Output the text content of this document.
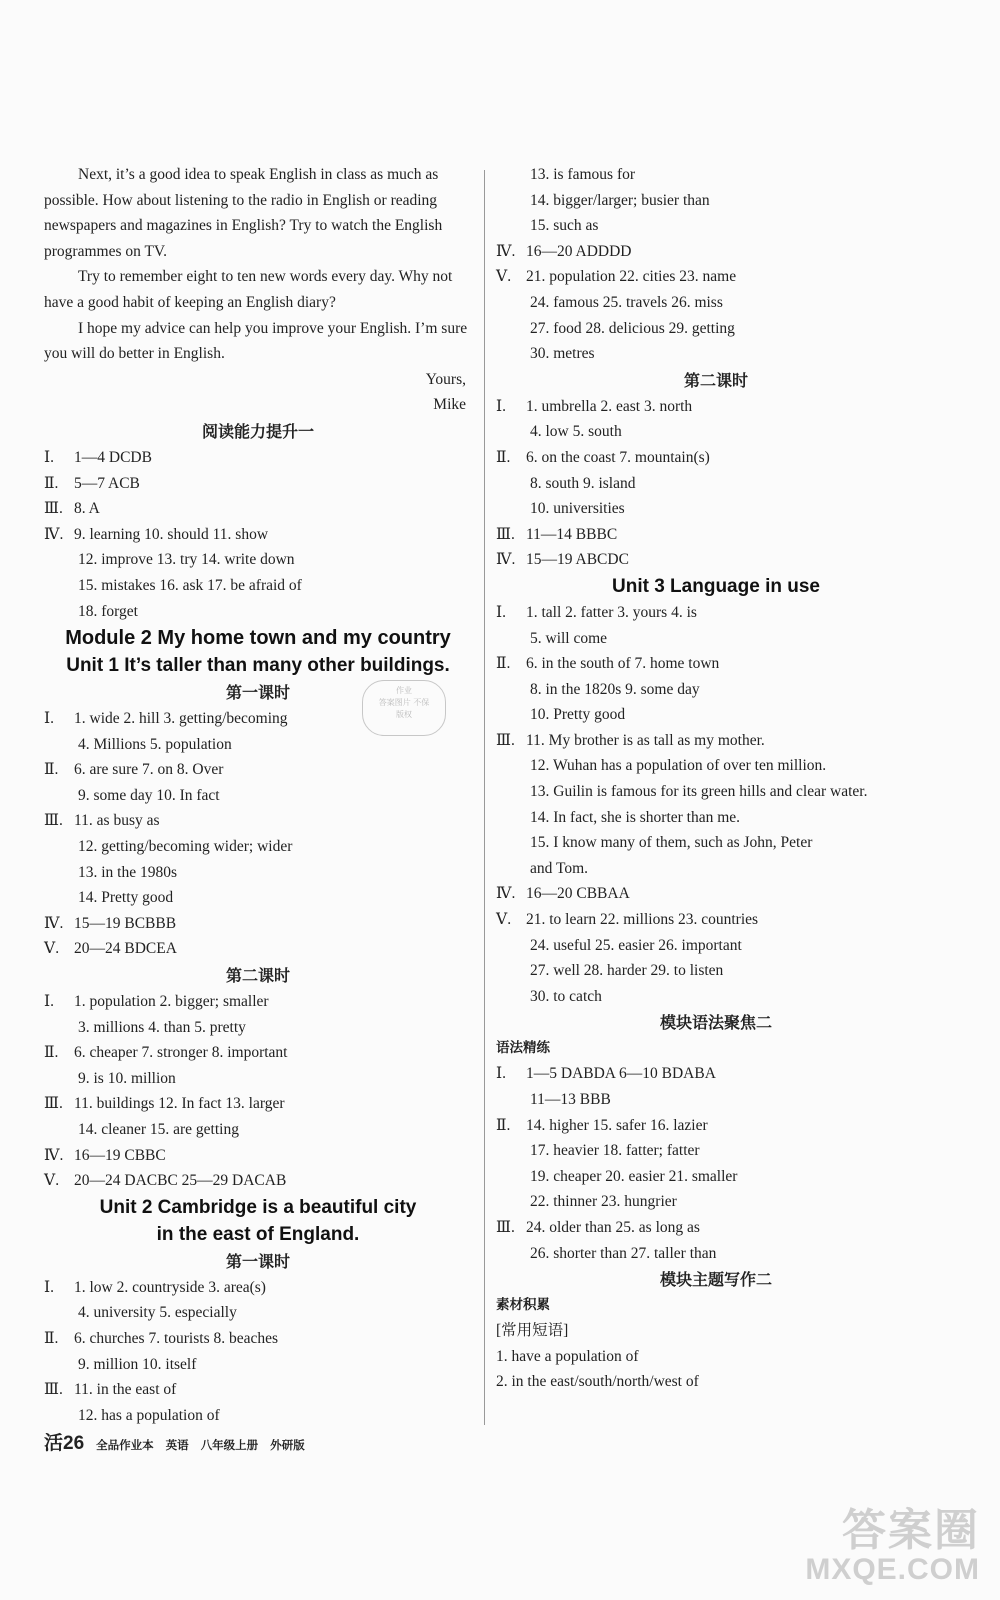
Next, it’s a good idea to speak English in class as much as possible. How about listening to the radio in English or reading newspapers and magazines in English? Try to watch the English programmes on TV.
Try to remember eight to ten new words every day. Why not have a good habit of keeping an English diary?
I hope my advice can help you improve your English. I’m sure you will do better in English.
Yours,
Mike
阅读能力提升一
Ⅰ. 1—4 DCDB
Ⅱ. 5—7 ACB
Ⅲ. 8. A
Ⅳ. 9. learning 10. should 11. show
12. improve 13. try 14. write down
15. mistakes 16. ask 17. be afraid of
18. forget
Module 2 My home town and my country
Unit 1 It’s taller than many other buildings.
第一课时
Ⅰ. 1. wide 2. hill 3. getting/becoming
4. Millions 5. population
Ⅱ. 6. are sure 7. on 8. Over
9. some day 10. In fact
Ⅲ. 11. as busy as
12. getting/becoming wider; wider
13. in the 1980s
14. Pretty good
Ⅳ. 15—19 BCBBB
Ⅴ. 20—24 BDCEA
第二课时
Ⅰ. 1. population 2. bigger; smaller
3. millions 4. than 5. pretty
Ⅱ. 6. cheaper 7. stronger 8. important
9. is 10. million
Ⅲ. 11. buildings 12. In fact 13. larger
14. cleaner 15. are getting
Ⅳ. 16—19 CBBC
Ⅴ. 20—24 DACBC 25—29 DACAB
Unit 2 Cambridge is a beautiful city
in the east of England.
第一课时
Ⅰ. 1. low 2. countryside 3. area(s)
4. university 5. especially
Ⅱ. 6. churches 7. tourists 8. beaches
9. million 10. itself
Ⅲ. 11. in the east of
12. has a population of
13. is famous for
14. bigger/larger; busier than
15. such as
Ⅳ. 16—20 ADDDD
Ⅴ. 21. population 22. cities 23. name
24. famous 25. travels 26. miss
27. food 28. delicious 29. getting
30. metres
第二课时
Ⅰ. 1. umbrella 2. east 3. north
4. low 5. south
Ⅱ. 6. on the coast 7. mountain(s)
8. south 9. island
10. universities
Ⅲ. 11—14 BBBC
Ⅳ. 15—19 ABCDC
Unit 3 Language in use
Ⅰ. 1. tall 2. fatter 3. yours 4. is
5. will come
Ⅱ. 6. in the south of 7. home town
8. in the 1820s 9. some day
10. Pretty good
Ⅲ. 11. My brother is as tall as my mother.
12. Wuhan has a population of over ten million.
13. Guilin is famous for its green hills and clear water.
14. In fact, she is shorter than me.
15. I know many of them, such as John, Peter
and Tom.
Ⅳ. 16—20 CBBAA
Ⅴ. 21. to learn 22. millions 23. countries
24. useful 25. easier 26. important
27. well 28. harder 29. to listen
30. to catch
模块语法聚焦二
语法精练
Ⅰ. 1—5 DABDA 6—10 BDABA
11—13 BBB
Ⅱ. 14. higher 15. safer 16. lazier
17. heavier 18. fatter; fatter
19. cheaper 20. easier 21. smaller
22. thinner 23. hungrier
Ⅲ. 24. older than 25. as long as
26. shorter than 27. taller than
模块主题写作二
素材积累
[常用短语]
1. have a population of
2. in the east/south/north/west of
作业
答案图片 不保
版权
活26 全品作业本 英语 八年级上册 外研版
答案圈
MXQE.COM
